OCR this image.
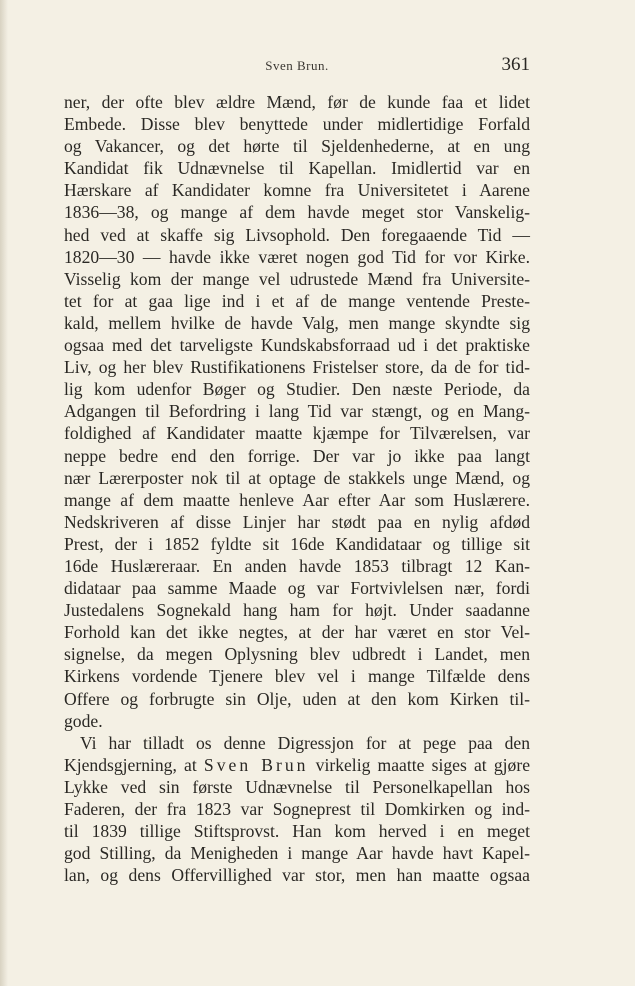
Sven Brun.	361
ner, der ofte blev ældre Mænd, før de kunde faa et lidet
Embede. Disse blev benyttede under midlertidige Forfald
og Vakancer, og det hørte til Sjeldenhederne, at en ung
Kandidat fik Udnævnelse til Kapellan. Imidlertid var en
Hærskare af Kandidater komne fra Universitetet i Aarene
1836—38, og mange af dem havde meget stor Vanskelig-
hed ved at skaffe sig Livsophold. Den foregaaende Tid —
1820—30 — havde ikke været nogen god Tid for vor Kirke.
Visselig kom der mange vel udrustede Mænd fra Universite-
tet for at gaa lige ind i et af de mange ventende Preste-
kald, mellem hvilke de havde Valg, men mange skyndte sig
ogsaa med det tarveligste Kundskabsforraad ud i det praktiske
Liv, og her blev Rustifikationens Fristelser store, da de for tid-
lig kom udenfor Bøger og Studier. Den næste Periode, da
Adgangen til Befordring i lang Tid var stængt, og en Mang-
foldighed af Kandidater maatte kjæmpe for Tilværelsen, var
neppe bedre end den forrige. Der var jo ikke paa langt
nær Lærerposter nok til at optage de stakkels unge Mænd, og
mange af dem maatte henleve Aar efter Aar som Huslærere.
Nedskriveren af disse Linjer har stødt paa en nylig afdød
Prest, der i 1852 fyldte sit 16de Kandidataar og tillige sit
16de Huslæreraar. En anden havde 1853 tilbragt 12 Kan-
didataar paa samme Maade og var Fortvivlelsen nær, fordi
Justedalens Sognekald hang ham for højt. Under saadanne
Forhold kan det ikke negtes, at der har været en stor Vel-
signelse, da megen Oplysning blev udbredt i Landet, men
Kirkens vordende Tjenere blev vel i mange Tilfælde dens
Offere og forbrugte sin Olje, uden at den kom Kirken til-
gode.
Vi har tilladt os denne Digressjon for at pege paa den
Kjendsgjerning, at Sven Brun virkelig maatte siges at gjøre
Lykke ved sin første Udnævnelse til Personelkapellan hos
Faderen, der fra 1823 var Sogneprest til Domkirken og ind-
til 1839 tillige Stiftsprovst. Han kom herved i en meget
god Stilling, da Menigheden i mange Aar havde havt Kapel-
lan, og dens Offervillighed var stor, men han maatte ogsaa
